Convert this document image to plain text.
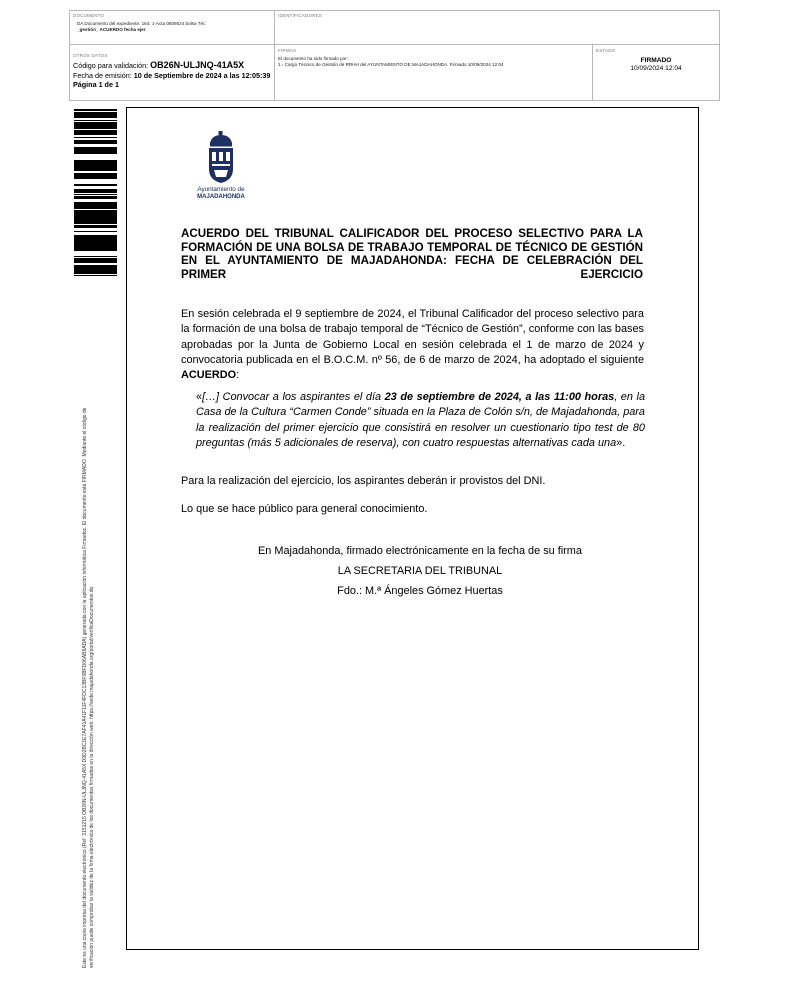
DOCUMENTO
DA Documento del expediente: 164. 1-Acta 0609024 bolsa Téc
_gestión_ ACUERDO fecha ejer
IDENTIFICADORES
OTROS DATOS
Código para validación: OB26N-ULJNQ-41A5X
Fecha de emisión: 10 de Septiembre de 2024 a las 12:05:39
Página 1 de 1
FIRMAS
El documento ha sido firmado por :
1.- Cargo Técnico de Gestión de RRHH del AYUNTAMIENTO DE MAJADAHONDA. Firmado 10/09/2024 12:04
ESTADO
FIRMADO
10/09/2024 12:04
Este es una copia impresa del documento electrónico (Ref: 3151215 OB26N-ULJNQ-41A5X D9D2BC1E7AF41A41F11F4FDC13BF0BFD06AB8ADA) generada con la aplicación informática Firmadoc. El documento está FIRMADO. Mediante el código de verificación puede comprobar la validez de la firma electrónica de los documentos firmados en la dirección web: https://sede.majadahonda.org/portal/verificaDocumentos.do
Ayuntamiento de
MAJADAHONDA
ACUERDO DEL TRIBUNAL CALIFICADOR DEL PROCESO SELECTIVO PARA LA FORMACIÓN DE UNA BOLSA DE TRABAJO TEMPORAL DE TÉCNICO DE GESTIÓN EN EL AYUNTAMIENTO DE MAJADAHONDA: FECHA DE CELEBRACIÓN DEL
PRIMER EJERCICIO
En sesión celebrada el 9 septiembre de 2024, el Tribunal Calificador del proceso selectivo para la formación de una bolsa de trabajo temporal de “Técnico de Gestión”, conforme con las bases aprobadas por la Junta de Gobierno Local en sesión celebrada el 1 de marzo de 2024 y convocatoria publicada en el B.O.C.M. nº 56, de 6 de marzo de 2024, ha adoptado el siguiente ACUERDO:
«[…] Convocar a los aspirantes el día 23 de septiembre de 2024, a las 11:00 horas, en la Casa de la Cultura “Carmen Conde” situada en la Plaza de Colón s/n, de Majadahonda, para la realización del primer ejercicio que consistirá en resolver un cuestionario tipo test de 80 preguntas (más 5 adicionales de reserva), con cuatro respuestas alternativas cada una».
Para la realización del ejercicio, los aspirantes deberán ir provistos del DNI.
Lo que se hace público para general conocimiento.
En Majadahonda, firmado electrónicamente en la fecha de su firma
LA SECRETARIA DEL TRIBUNAL
Fdo.: M.ª Ángeles Gómez Huertas
